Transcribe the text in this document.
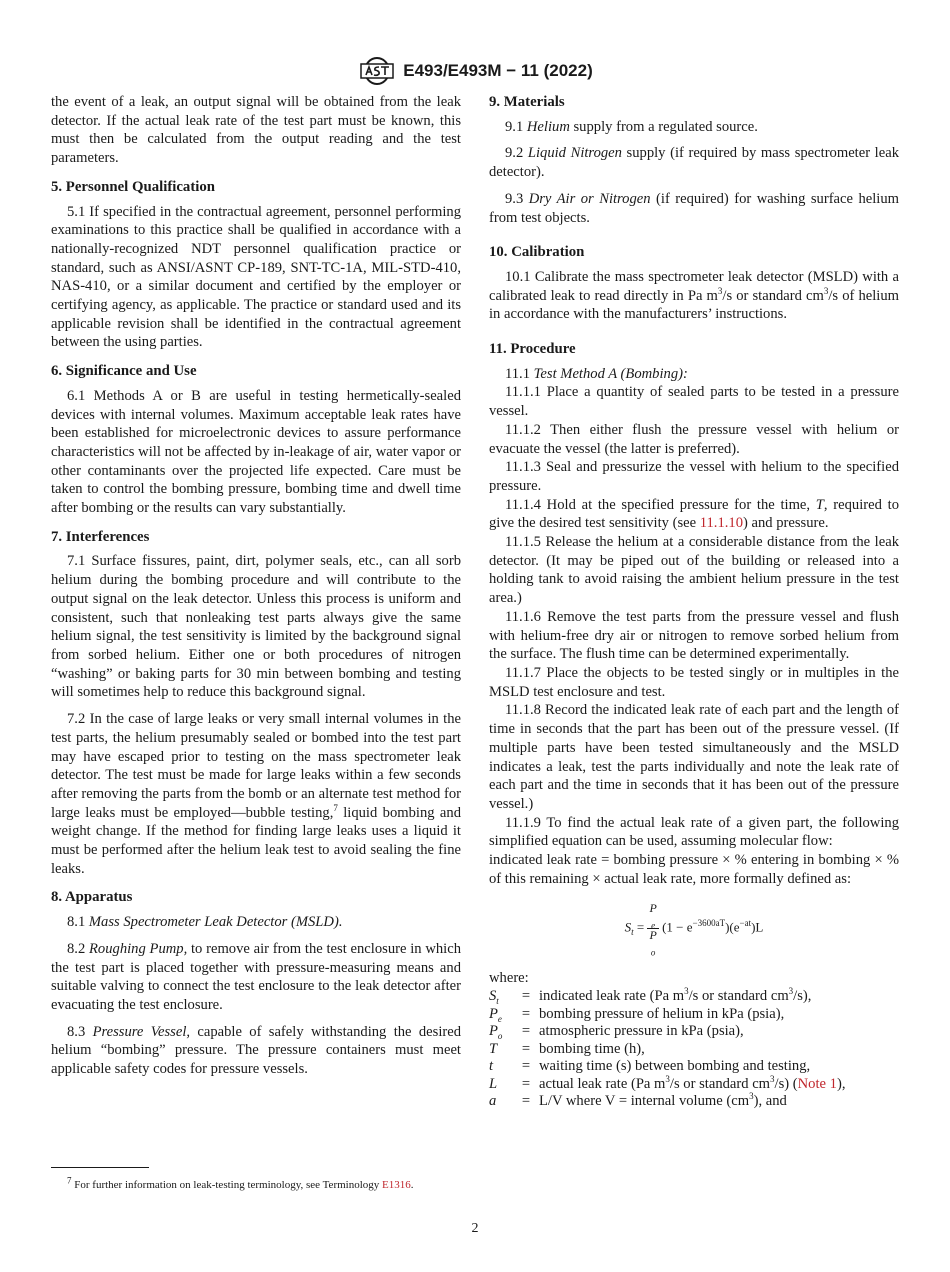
E493/E493M − 11 (2022)

the event of a leak, an output signal will be obtained from the leak detector. If the actual leak rate of the test part must be known, this must then be calculated from the output reading and the test parameters.

5. Personnel Qualification

5.1 If specified in the contractual agreement, personnel performing examinations to this practice shall be qualified in accordance with a nationally-recognized NDT personnel qualification practice or standard, such as ANSI/ASNT CP-189, SNT-TC-1A, MIL-STD-410, NAS-410, or a similar document and certified by the employer or certifying agency, as applicable. The practice or standard used and its applicable revision shall be identified in the contractual agreement between the using parties.

6. Significance and Use

6.1 Methods A or B are useful in testing hermetically-sealed devices with internal volumes. Maximum acceptable leak rates have been established for microelectronic devices to assure performance characteristics will not be affected by in-leakage of air, water vapor or other contaminants over the projected life expected. Care must be taken to control the bombing pressure, bombing time and dwell time after bombing or the results can vary substantially.

7. Interferences

7.1 Surface fissures, paint, dirt, polymer seals, etc., can all sorb helium during the bombing procedure and will contribute to the output signal on the leak detector. Unless this process is uniform and consistent, such that nonleaking test parts always give the same helium signal, the test sensitivity is limited by the background signal from sorbed helium. Either one or both procedures of nitrogen “washing” or baking parts for 30 min between bombing and testing will sometimes help to reduce this background signal.

7.2 In the case of large leaks or very small internal volumes in the test parts, the helium presumably sealed or bombed into the test part may have escaped prior to testing on the mass spectrometer leak detector. The test must be made for large leaks within a few seconds after removing the parts from the bomb or an alternate test method for large leaks must be employed—bubble testing,$^7$ liquid bombing and weight change. If the method for finding large leaks uses a liquid it must be performed after the helium leak test to avoid sealing the fine leaks.

8. Apparatus

8.1 Mass Spectrometer Leak Detector (MSLD).

8.2 Roughing Pump, to remove air from the test enclosure in which the test part is placed together with pressure-measuring means and suitable valving to connect the test enclosure to the leak detector after evacuating the test enclosure.

8.3 Pressure Vessel, capable of safely withstanding the desired helium “bombing” pressure. The pressure containers must meet applicable safety codes for pressure vessels.

9. Materials

9.1 Helium supply from a regulated source.

9.2 Liquid Nitrogen supply (if required by mass spectrometer leak detector).

9.3 Dry Air or Nitrogen (if required) for washing surface helium from test objects.

10. Calibration

10.1 Calibrate the mass spectrometer leak detector (MSLD) with a calibrated leak to read directly in Pa $m^3/s$ or standard $cm^3/s$ of helium in accordance with the manufacturers’ instructions.

11. Procedure

11.1 Test Method A (Bombing):

11.1.1 Place a quantity of sealed parts to be tested in a pressure vessel.

11.1.2 Then either flush the pressure vessel with helium or evacuate the vessel (the latter is preferred).

11.1.3 Seal and pressurize the vessel with helium to the specified pressure.

11.1.4 Hold at the specified pressure for the time, T, required to give the desired test sensitivity (see 11.1.10) and pressure.

11.1.5 Release the helium at a considerable distance from the leak detector. (It may be piped out of the building or released into a holding tank to avoid raising the ambient helium pressure in the test area.)

11.1.6 Remove the test parts from the pressure vessel and flush with helium-free dry air or nitrogen to remove sorbed helium from the surface. The flush time can be determined experimentally.

11.1.7 Place the objects to be tested singly or in multiples in the MSLD test enclosure and test.

11.1.8 Record the indicated leak rate of each part and the length of time in seconds that the part has been out of the pressure vessel. (If multiple parts have been tested simultaneously and the MSLD indicates a leak, test the parts individually and note the leak rate of each part and the time in seconds that it has been out of the pressure vessel.)

11.1.9 To find the actual leak rate of a given part, the following simplified equation can be used, assuming molecular flow:

indicated leak rate = bombing pressure × % entering in bombing × % of this remaining × actual leak rate, more formally defined as:

$S_t = P$
$_e$
P
$_o$ $(1 - e^{-3600aT})(e^{-at})L$

where:

$S_t$	=	indicated leak rate (Pa $m^3/s$ or standard $cm^3/s$),
$P_e$	=	bombing pressure of helium in kPa (psia),
$P_o$	=	atmospheric pressure in kPa (psia),
T	=	bombing time (h),
t	=	waiting time (s) between bombing and testing,
L	=	actual leak rate (Pa $m^3/s$ or standard $cm^3/s$) (Note 1),
a	=	L/V where V = internal volume $(cm^3)$, and
$^7$ For further information on leak-testing terminology, see Terminology E1316.
2
